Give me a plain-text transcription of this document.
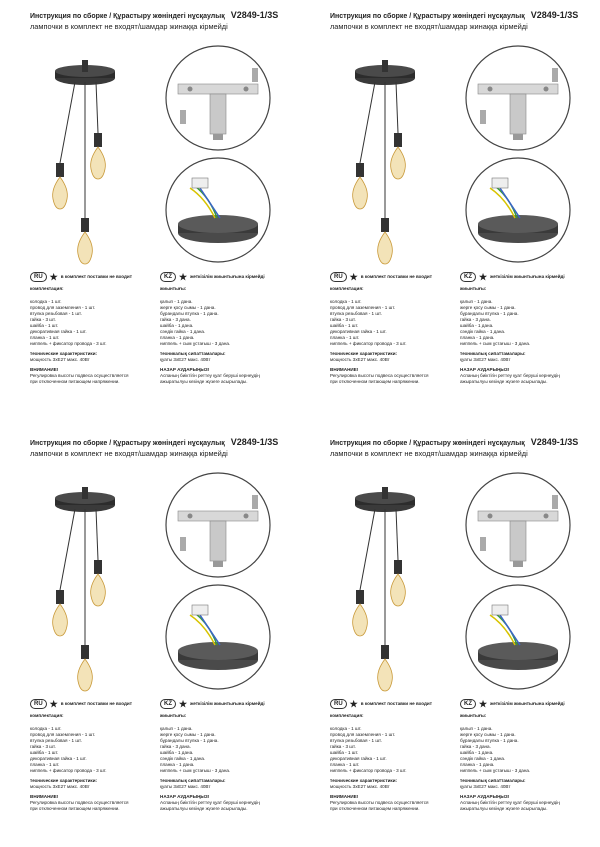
Инструкция по сборке / Құрастыру жөніндегі нұсқаулық V2849-1/3S
лампочки в комплект не входят/шамдар жинаққа кірмейді
RU ★ в комплект поставки не входит
комплектация:
колодка - 1 шт.
провод для заземления - 1 шт.
втулка резьбовая - 1 шт.
гайка - 3 шт.
шайба - 1 шт.
декоративная гайка - 1 шт.
планка - 1 шт.
ниппель + фиксатор провода - 3 шт.
технические характеристики:
мощность 3хЕ27 макс. 40Вт
ВНИМАНИЕ!
Регулировка высоты подвеса осуществляется
при отключенном питающем напряжении.
KZ ★ жеткізілім жиынтығына кірмейді
жиынтығы:
қалып - 1 дана.
жерге қосу сымы - 1 дана.
бұрандалы втулка - 1 дана.
гайка - 3 дана.
шайба - 1 дана.
сәндік гайка - 1 дана.
планка - 1 дана.
ниппель + сым ұстағыш - 3 дана.
техникалық сипаттамалары:
қуаты 3хЕ27 макс. 40Вт
НАЗАР АУДАРЫҢЫЗ!
Аспаның биіктігін реттеу қуат беруші кернеудің
ажыратылуы кезінде жүзеге асырылады.
Инструкция по сборке / Құрастыру жөніндегі нұсқаулық V2849-1/3S
лампочки в комплект не входят/шамдар жинаққа кірмейді
RU ★ в комплект поставки не входит
комплектация:
колодка - 1 шт.
провод для заземления - 1 шт.
втулка резьбовая - 1 шт.
гайка - 3 шт.
шайба - 1 шт.
декоративная гайка - 1 шт.
планка - 1 шт.
ниппель + фиксатор провода - 3 шт.
технические характеристики:
мощность 3хЕ27 макс. 40Вт
ВНИМАНИЕ!
Регулировка высоты подвеса осуществляется
при отключенном питающем напряжении.
KZ ★ жеткізілім жиынтығына кірмейді
жиынтығы:
қалып - 1 дана.
жерге қосу сымы - 1 дана.
бұрандалы втулка - 1 дана.
гайка - 3 дана.
шайба - 1 дана.
сәндік гайка - 1 дана.
планка - 1 дана.
ниппель + сым ұстағыш - 3 дана.
техникалық сипаттамалары:
қуаты 3хЕ27 макс. 40Вт
НАЗАР АУДАРЫҢЫЗ!
Аспаның биіктігін реттеу қуат беруші кернеудің
ажыратылуы кезінде жүзеге асырылады.
Инструкция по сборке / Құрастыру жөніндегі нұсқаулық V2849-1/3S
лампочки в комплект не входят/шамдар жинаққа кірмейді
RU ★ в комплект поставки не входит
комплектация:
колодка - 1 шт.
провод для заземления - 1 шт.
втулка резьбовая - 1 шт.
гайка - 3 шт.
шайба - 1 шт.
декоративная гайка - 1 шт.
планка - 1 шт.
ниппель + фиксатор провода - 3 шт.
технические характеристики:
мощность 3хЕ27 макс. 40Вт
ВНИМАНИЕ!
Регулировка высоты подвеса осуществляется
при отключенном питающем напряжении.
KZ ★ жеткізілім жиынтығына кірмейді
жиынтығы:
қалып - 1 дана.
жерге қосу сымы - 1 дана.
бұрандалы втулка - 1 дана.
гайка - 3 дана.
шайба - 1 дана.
сәндік гайка - 1 дана.
планка - 1 дана.
ниппель + сым ұстағыш - 3 дана.
техникалық сипаттамалары:
қуаты 3хЕ27 макс. 40Вт
НАЗАР АУДАРЫҢЫЗ!
Аспаның биіктігін реттеу қуат беруші кернеудің
ажыратылуы кезінде жүзеге асырылады.
Инструкция по сборке / Құрастыру жөніндегі нұсқаулық V2849-1/3S
лампочки в комплект не входят/шамдар жинаққа кірмейді
RU ★ в комплект поставки не входит
комплектация:
колодка - 1 шт.
провод для заземления - 1 шт.
втулка резьбовая - 1 шт.
гайка - 3 шт.
шайба - 1 шт.
декоративная гайка - 1 шт.
планка - 1 шт.
ниппель + фиксатор провода - 3 шт.
технические характеристики:
мощность 3хЕ27 макс. 40Вт
ВНИМАНИЕ!
Регулировка высоты подвеса осуществляется
при отключенном питающем напряжении.
KZ ★ жеткізілім жиынтығына кірмейді
жиынтығы:
қалып - 1 дана.
жерге қосу сымы - 1 дана.
бұрандалы втулка - 1 дана.
гайка - 3 дана.
шайба - 1 дана.
сәндік гайка - 1 дана.
планка - 1 дана.
ниппель + сым ұстағыш - 3 дана.
техникалық сипаттамалары:
қуаты 3хЕ27 макс. 40Вт
НАЗАР АУДАРЫҢЫЗ!
Аспаның биіктігін реттеу қуат беруші кернеудің
ажыратылуы кезінде жүзеге асырылады.
